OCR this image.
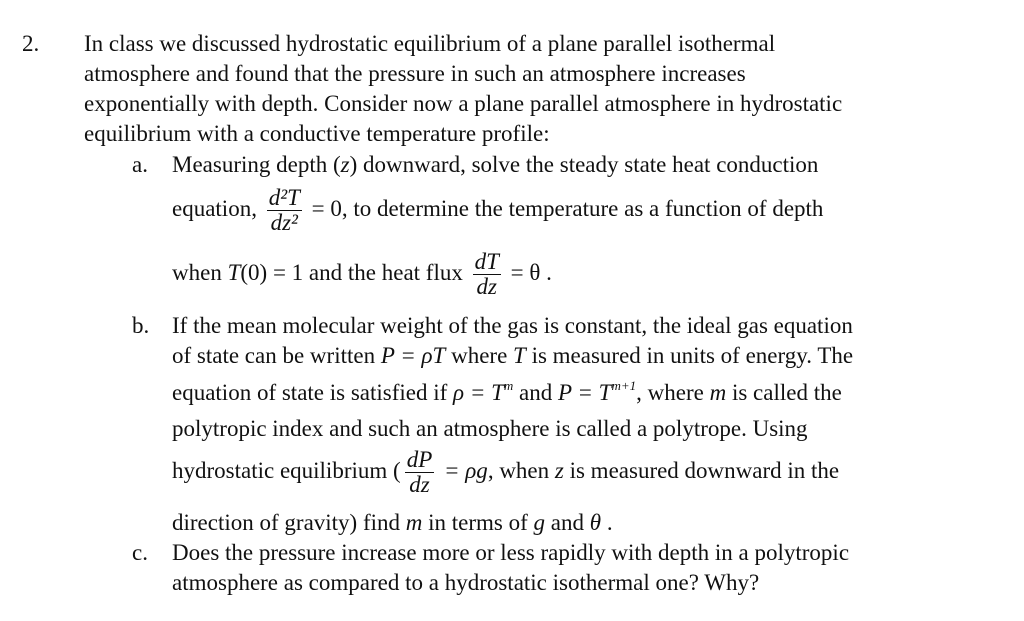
2. In class we discussed hydrostatic equilibrium of a plane parallel isothermal
atmosphere and found that the pressure in such an atmosphere increases
exponentially with depth. Consider now a plane parallel atmosphere in hydrostatic
equilibrium with a conductive temperature profile:
a. Measuring depth (z) downward, solve the steady state heat conduction
equation, $\frac{\text{d²T}}{\text{dz²}} = 0$, to determine the temperature as a function of depth
when T(0) = 1 and the heat flux $\frac{dT}{dz} = \theta$ .
b. If the mean molecular weight of the gas is constant, the ideal gas equation
of state can be written P = ρT where T is measured in units of energy. The
equation of state is satisfied if $\rho = T^m$ and $P = T^{m+1}$, where m is called the
polytropic index and such an atmosphere is called a polytrope. Using
hydrostatic equilibrium ( $\frac{dP}{dz} = \rho g$, when z is measured downward in the
direction of gravity) find m in terms of g and θ .
c. Does the pressure increase more or less rapidly with depth in a polytropic
atmosphere as compared to a hydrostatic isothermal one? Why?
